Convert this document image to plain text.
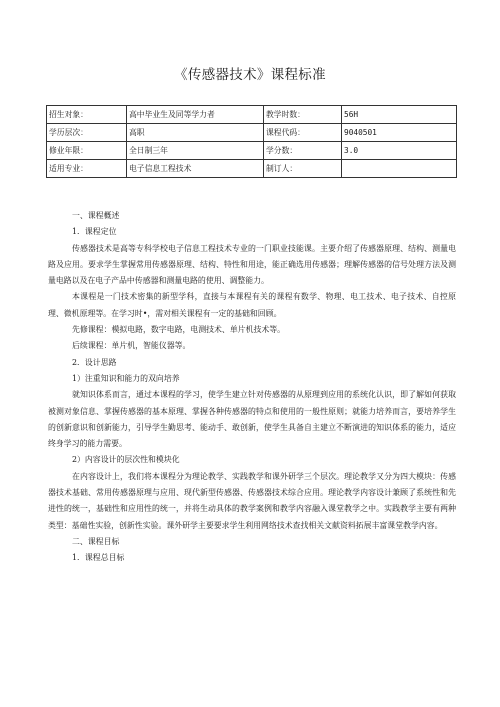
《传感器技术》课程标准
招生对象：	高中毕业生及同等学力者	教学时数：	56H
学历层次：	高职	课程代码：	9040501
修业年限：	全日制三年	学分数：	3.0
适用专业：	电子信息工程技术	制订人：	

一、课程概述

1．课程定位

传感器技术是高等专科学校电子信息工程技术专业的一门职业技能课。主要介绍了传感器原理、结构、测量电路及应用。要求学生掌握常用传感器原理、结构、特性和用途，能正确选用传感器；理解传感器的信号处理方法及测量电路以及在电子产品中传感器和测量电路的使用、调整能力。

本课程是一门技术密集的新型学科，直接与本课程有关的课程有数学、物理、电工技术、电子技术、自控原理、微机原理等。在学习时•，需对相关课程有一定的基础和回顾。

先修课程：模拟电路，数字电路，电测技术、单片机技术等。

后续课程：单片机，智能仪器等。

2．设计思路

1）注重知识和能力的双向培养

就知识体系而言，通过本课程的学习，使学生建立针对传感器的从原理到应用的系统化认识，即了解如何获取被测对象信息、掌握传感器的基本原理、掌握各种传感器的特点和使用的一般性原则；就能力培养而言，要培养学生的创新意识和创新能力，引导学生勤思考、能动手、敢创新，使学生具备自主建立不断演进的知识体系的能力，适应终身学习的能力需要。

2）内容设计的层次性和模块化

在内容设计上，我们将本课程分为理论教学、实践教学和课外研学三个层次。理论教学又分为四大模块：传感器技术基础、常用传感器原理与应用、现代新型传感器、传感器技术综合应用。理论教学内容设计兼顾了系统性和先进性的统一，基础性和应用性的统一，并将生动具体的教学案例和教学内容融入课堂教学之中。实践教学主要有两种类型：基础性实验，创新性实验。课外研学主要要求学生利用网络技术查找相关文献资料拓展丰富课堂教学内容。

二、课程目标

1．课程总目标
